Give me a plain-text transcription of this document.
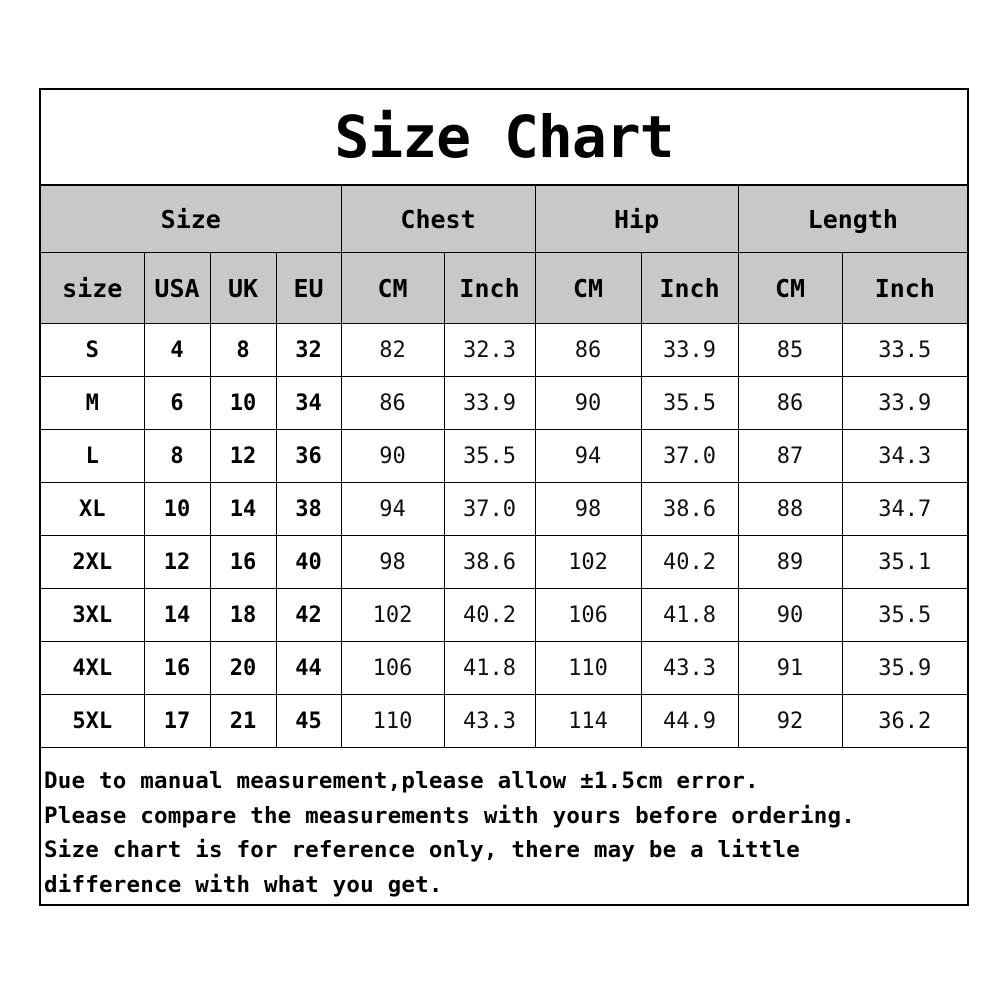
Size Chart
Size				Chest		Hip		Length	
size	USA	UK	EU	CM	Inch	CM	Inch	CM	Inch
S	4	8	32	82	32.3	86	33.9	85	33.5
M	6	10	34	86	33.9	90	35.5	86	33.9
L	8	12	36	90	35.5	94	37.0	87	34.3
XL	10	14	38	94	37.0	98	38.6	88	34.7
2XL	12	16	40	98	38.6	102	40.2	89	35.1
3XL	14	18	42	102	40.2	106	41.8	90	35.5
4XL	16	20	44	106	41.8	110	43.3	91	35.9
5XL	17	21	45	110	43.3	114	44.9	92	36.2
Due to manual measurement,please allow ±1.5cm error.
Please compare the measurements with yours before ordering.
Size chart is for reference only, there may be a little
difference with what you get.
